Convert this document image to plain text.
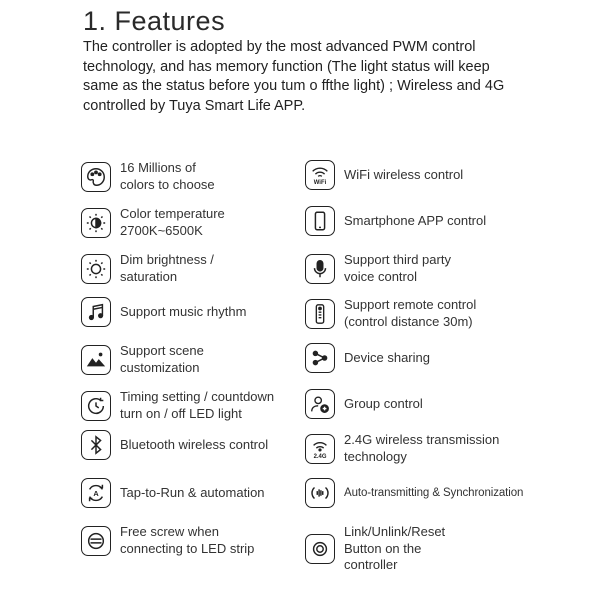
1. Features

The controller is adopted by the most advanced PWM control technology, and has memory function (The light status will keep same as the status before you tum o ffthe light) ; Wireless and 4G controlled by Tuya Smart Life APP.

16 Millions of
colors to choose
Color temperature
2700K~6500K
Dim brightness /
saturation
Support music rhythm
Support scene
customization
Timing setting / countdown
turn on / off LED light
Bluetooth wireless control
A Tap-to-Run & automation
Free screw when
connecting to LED strip
WiFi
WiFi wireless control
Smartphone APP control
Support third party
voice control
Support remote control
(control distance 30m)
Device sharing
Group control
2.4G
2.4G wireless transmission
technology
Auto-transmitting & Synchronization
Link/Unlink/Reset
Button on the
controller
